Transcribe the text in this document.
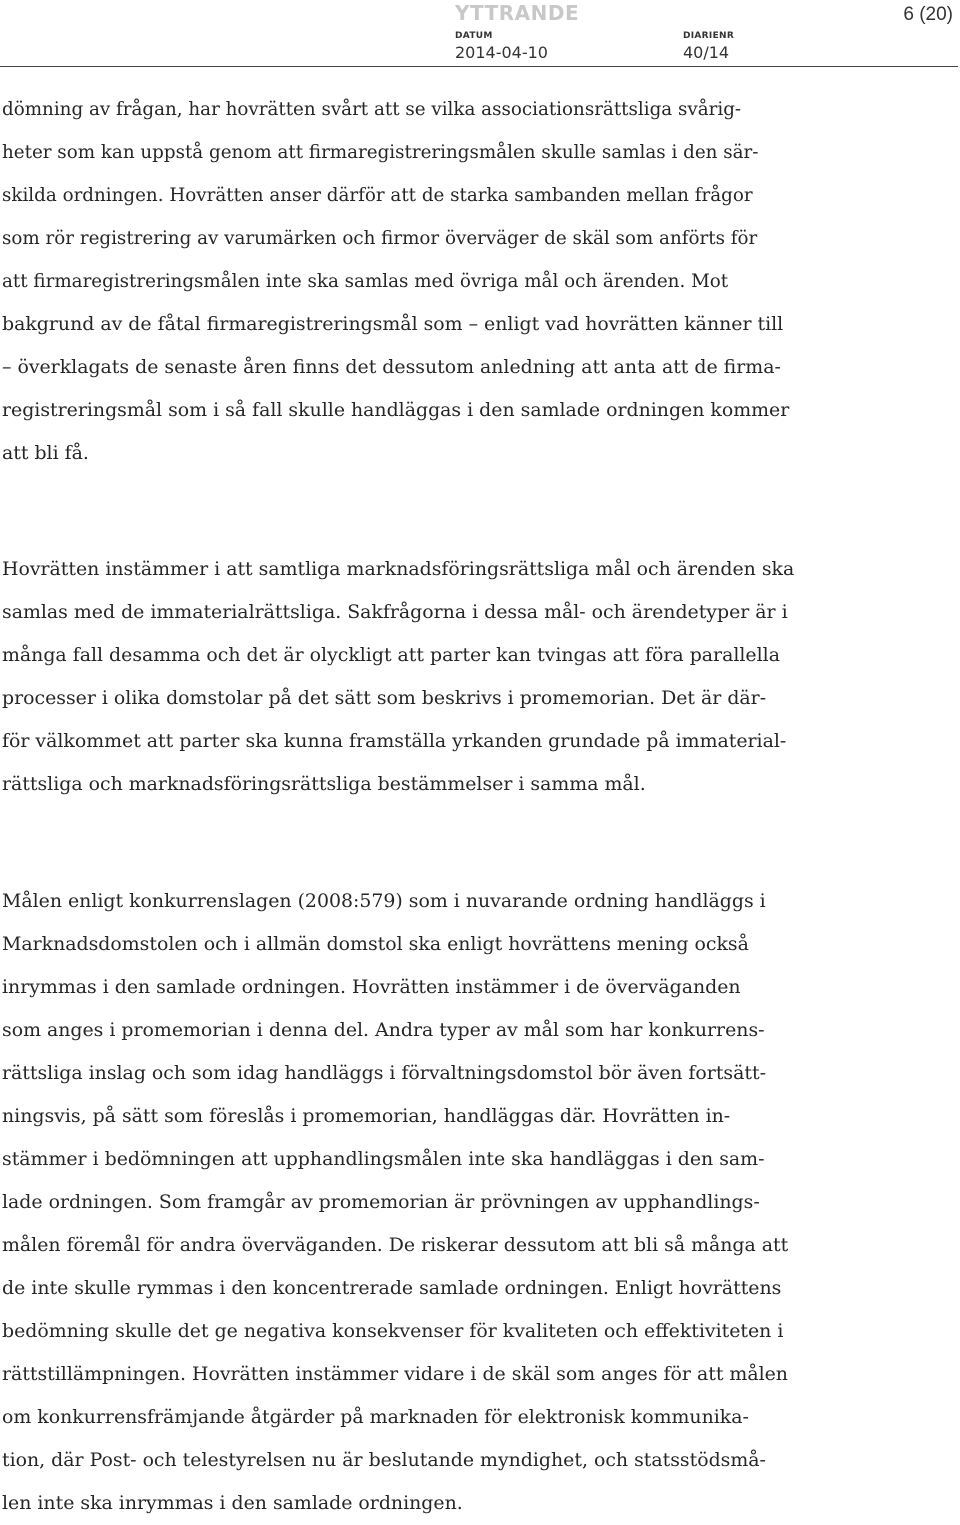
YTTRANDE	6 (20)
DATUM
2014-04-10
DIARIENR
40/14
dömning av frågan, har hovrätten svårt att se vilka associationsrättsliga svårig-
heter som kan uppstå genom att firmaregistreringsmålen skulle samlas i den sär-
skilda ordningen. Hovrätten anser därför att de starka sambanden mellan frågor
som rör registrering av varumärken och firmor överväger de skäl som anförts för
att firmaregistreringsmålen inte ska samlas med övriga mål och ärenden. Mot
bakgrund av de fåtal firmaregistreringsmål som – enligt vad hovrätten känner till
– överklagats de senaste åren finns det dessutom anledning att anta att de firma-
registreringsmål som i så fall skulle handläggas i den samlade ordningen kommer
att bli få.
Hovrätten instämmer i att samtliga marknadsföringsrättsliga mål och ärenden ska
samlas med de immaterialrättsliga. Sakfrågorna i dessa mål- och ärendetyper är i
många fall desamma och det är olyckligt att parter kan tvingas att föra parallella
processer i olika domstolar på det sätt som beskrivs i promemorian. Det är där-
för välkommet att parter ska kunna framställa yrkanden grundade på immaterial-
rättsliga och marknadsföringsrättsliga bestämmelser i samma mål.
Målen enligt konkurrenslagen (2008:579) som i nuvarande ordning handläggs i
Marknadsdomstolen och i allmän domstol ska enligt hovrättens mening också
inrymmas i den samlade ordningen. Hovrätten instämmer i de överväganden
som anges i promemorian i denna del. Andra typer av mål som har konkurrens-
rättsliga inslag och som idag handläggs i förvaltningsdomstol bör även fortsätt-
ningsvis, på sätt som föreslås i promemorian, handläggas där. Hovrätten in-
stämmer i bedömningen att upphandlingsmålen inte ska handläggas i den sam-
lade ordningen. Som framgår av promemorian är prövningen av upphandlings-
målen föremål för andra överväganden. De riskerar dessutom att bli så många att
de inte skulle rymmas i den koncentrerade samlade ordningen. Enligt hovrättens
bedömning skulle det ge negativa konsekvenser för kvaliteten och effektiviteten i
rättstillämpningen. Hovrätten instämmer vidare i de skäl som anges för att målen
om konkurrensfrämjande åtgärder på marknaden för elektronisk kommunika-
tion, där Post- och telestyrelsen nu är beslutande myndighet, och statsstödsmå-
len inte ska inrymmas i den samlade ordningen.
